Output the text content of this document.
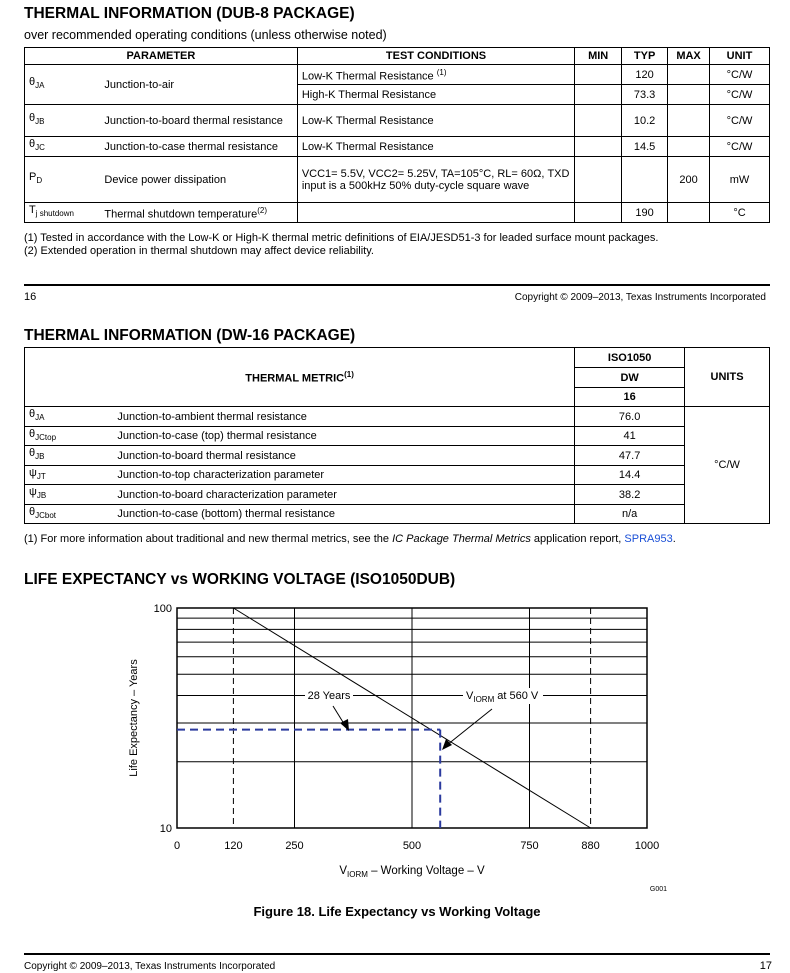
THERMAL INFORMATION (DUB-8 PACKAGE)
over recommended operating conditions (unless otherwise noted)
PARAMETER		TEST CONDITIONS	MIN	TYP	MAX	UNIT
$\theta_{JA}$	Junction-to-air	Low-K Thermal Resistance $^{(1)}$		120		°C/W
		High-K Thermal Resistance		73.3		°C/W
$\theta_{JB}$	Junction-to-board thermal resistance	Low-K Thermal Resistance		10.2		°C/W
$\theta_{JC}$	Junction-to-case thermal resistance	Low-K Thermal Resistance		14.5		°C/W
$P_D$	Device power dissipation	VCC1= 5.5V, VCC2= 5.25V, TA=105°C, RL= 60Ω, TXD input is a 500kHz 50% duty-cycle square wave			200	mW
$T_{j shutdown}$	Thermal shutdown temperature$^{(2)}$			190		°C
(1) Tested in accordance with the Low-K or High-K thermal metric definitions of EIA/JESD51-3 for leaded surface mount packages.
(2) Extended operation in thermal shutdown may affect device reliability.
16	Copyright © 2009–2013, Texas Instruments Incorporated
THERMAL INFORMATION (DW-16 PACKAGE)
THERMAL METRIC$^{(1)}$		ISO1050	UNITS
		DW	
		16	
$\theta_{JA}$	Junction-to-ambient thermal resistance	76.0	°C/W
$\theta_{JCtop}$	Junction-to-case (top) thermal resistance	41	
$\theta_{JB}$	Junction-to-board thermal resistance	47.7	
$\psi_{JT}$	Junction-to-top characterization parameter	14.4	
$\psi_{JB}$	Junction-to-board characterization parameter	38.2	
$\theta_{JCbot}$	Junction-to-case (bottom) thermal resistance	n/a	
(1) For more information about traditional and new thermal metrics, see the IC Package Thermal Metrics application report, SPRA953.
LIFE EXPECTANCY vs WORKING VOLTAGE (ISO1050DUB)
28 Years	$V_{IORM}$ at 560 V
100
10
0	120	250	500	750	880	1000
Life Expectancy – Years
$V_{IORM}$ – Working Voltage – V
G001
Figure 18. Life Expectancy vs Working Voltage
Copyright © 2009–2013, Texas Instruments Incorporated	17
